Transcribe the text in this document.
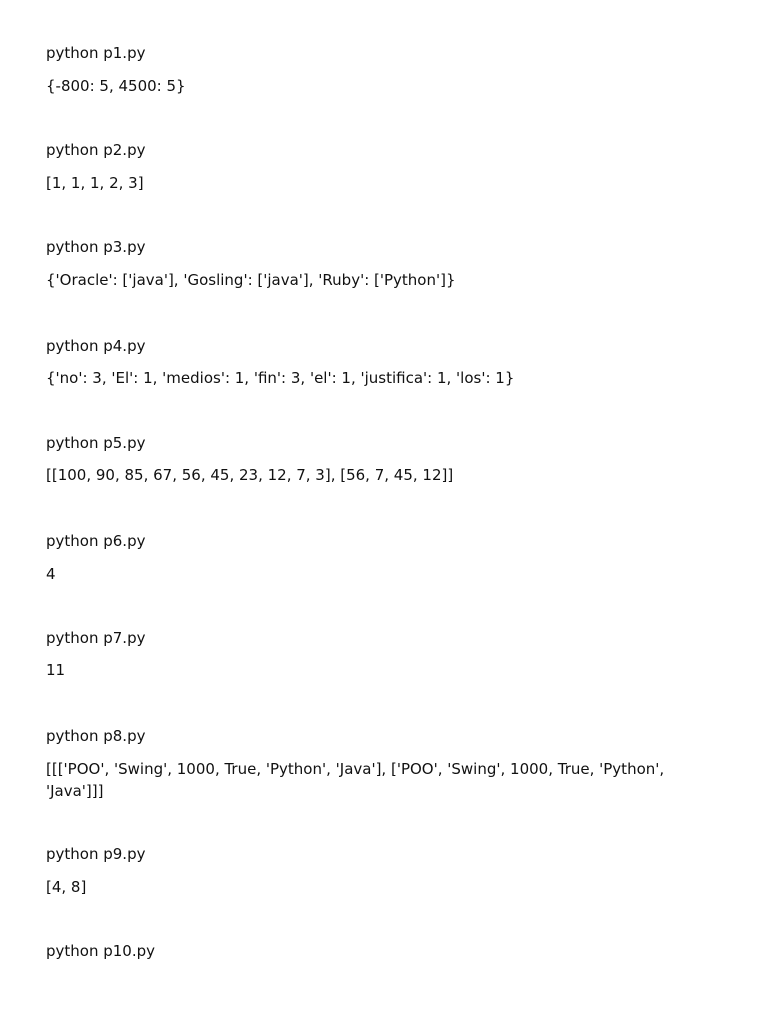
python p1.py
{-800: 5, 4500: 5}
python p2.py
[1, 1, 1, 2, 3]
python p3.py
{'Oracle': ['java'], 'Gosling': ['java'], 'Ruby': ['Python']}
python p4.py
{'no': 3, 'El': 1, 'medios': 1, 'fin': 3, 'el': 1, 'justifica': 1, 'los': 1}
python p5.py
[[100, 90, 85, 67, 56, 45, 23, 12, 7, 3], [56, 7, 45, 12]]
python p6.py
4
python p7.py
11
python p8.py
[[['POO', 'Swing', 1000, True, 'Python', 'Java'], ['POO', 'Swing', 1000, True, 'Python', 'Java']]]
python p9.py
[4, 8]
python p10.py
